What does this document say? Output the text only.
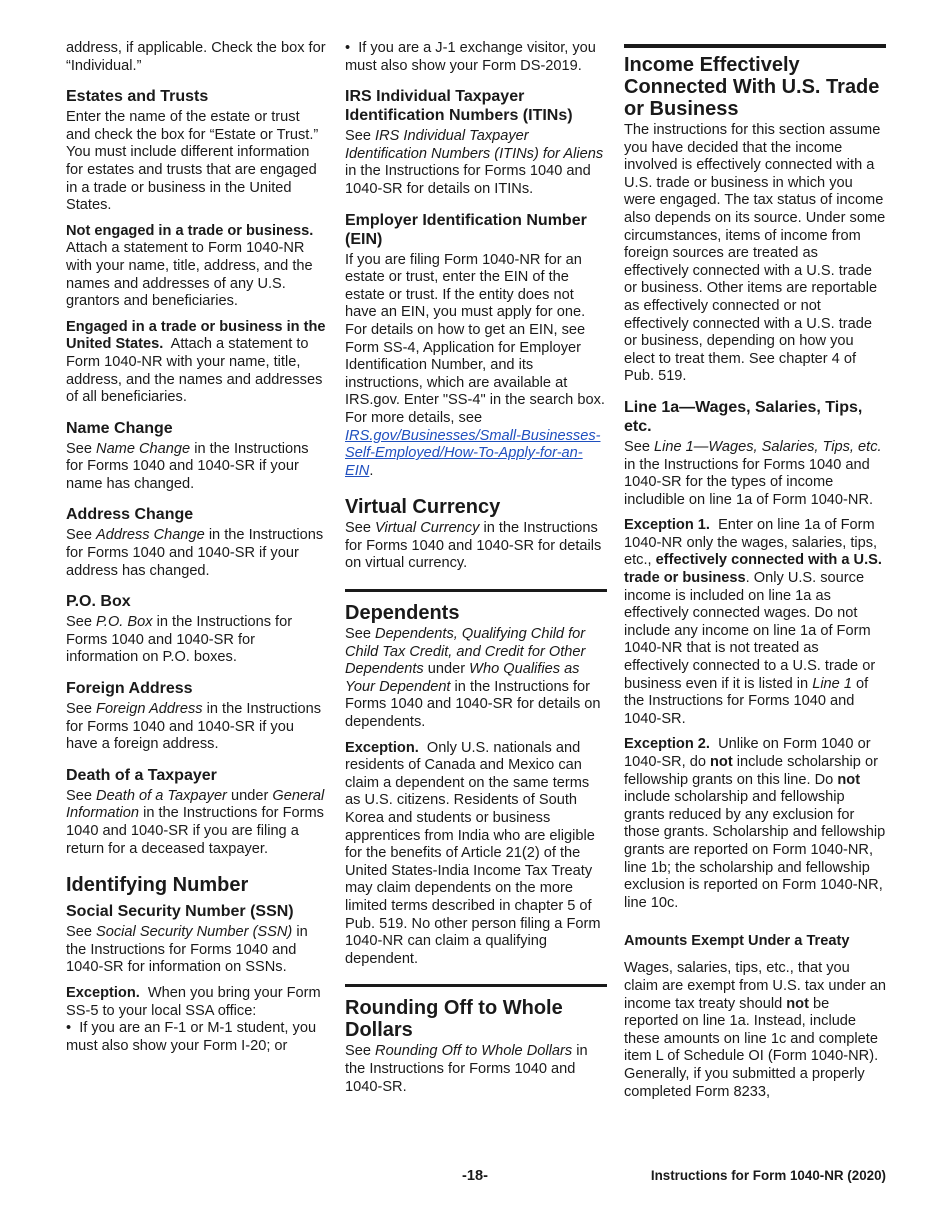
address, if applicable. Check the box for “Individual.”

Estates and Trusts

Enter the name of the estate or trust and check the box for “Estate or Trust.” You must include different information for estates and trusts that are engaged in a trade or business in the United States.

Not engaged in a trade or business.  Attach a statement to Form 1040-NR with your name, title, address, and the names and addresses of any U.S. grantors and beneficiaries.

Engaged in a trade or business in the United States. Attach a statement to Form 1040-NR with your name, title, address, and the names and addresses of all beneficiaries.

Name Change

See Name Change in the Instructions for Forms 1040 and 1040-SR if your name has changed.

Address Change

See Address Change in the Instructions for Forms 1040 and 1040-SR if your address has changed.

P.O. Box

See P.O. Box in the Instructions for Forms 1040 and 1040-SR for information on P.O. boxes.

Foreign Address

See Foreign Address in the Instructions for Forms 1040 and 1040-SR if you have a foreign address.

Death of a Taxpayer

See Death of a Taxpayer under General Information in the Instructions for Forms 1040 and 1040-SR if you are filing a return for a deceased taxpayer.

Identifying Number
Social Security Number (SSN)

See Social Security Number (SSN) in the Instructions for Forms 1040 and 1040-SR for information on SSNs.

Exception. When you bring your Form SS-5 to your local SSA office:

•  If you are an F-1 or M-1 student, you must also show your Form I-20; or

•  If you are a J-1 exchange visitor, you must also show your Form DS-2019.

IRS Individual Taxpayer Identification Numbers (ITINs)

See IRS Individual Taxpayer Identification Numbers (ITINs) for Aliens in the Instructions for Forms 1040 and 1040-SR for details on ITINs.

Employer Identification Number (EIN)

If you are filing Form 1040-NR for an estate or trust, enter the EIN of the estate or trust. If the entity does not have an EIN, you must apply for one. For details on how to get an EIN, see Form SS-4, Application for Employer Identification Number, and its instructions, which are available at IRS.gov. Enter "SS-4" in the search box. For more details, see IRS.gov/Businesses/Small-Businesses-Self-Employed/How-To-Apply-for-an-EIN.

Virtual Currency

See Virtual Currency in the Instructions for Forms 1040 and 1040-SR for details on virtual currency.

Dependents

See Dependents, Qualifying Child for Child Tax Credit, and Credit for Other Dependents under Who Qualifies as Your Dependent in the Instructions for Forms 1040 and 1040-SR for details on dependents.

Exception. Only U.S. nationals and residents of Canada and Mexico can claim a dependent on the same terms as U.S. citizens. Residents of South Korea and students or business apprentices from India who are eligible for the benefits of Article 21(2) of the United States-India Income Tax Treaty may claim dependents on the more limited terms described in chapter 5 of Pub. 519. No other person filing a Form 1040-NR can claim a qualifying dependent.

Rounding Off to Whole Dollars

See Rounding Off to Whole Dollars in the Instructions for Forms 1040 and 1040-SR.

Income Effectively Connected With U.S. Trade or Business

The instructions for this section assume you have decided that the income involved is effectively connected with a U.S. trade or business in which you were engaged. The tax status of income also depends on its source. Under some circumstances, items of income from foreign sources are treated as effectively connected with a U.S. trade or business. Other items are reportable as effectively connected or not effectively connected with a U.S. trade or business, depending on how you elect to treat them. See chapter 4 of Pub. 519.

Line 1a—Wages, Salaries, Tips, etc.

See Line 1—Wages, Salaries, Tips, etc. in the Instructions for Forms 1040 and 1040-SR for the types of income includible on line 1a of Form 1040-NR.

Exception 1. Enter on line 1a of Form 1040-NR only the wages, salaries, tips, etc., effectively connected with a U.S. trade or business. Only U.S. source income is included on line 1a as effectively connected wages. Do not include any income on line 1a of Form 1040-NR that is not treated as effectively connected to a U.S. trade or business even if it is listed in Line 1 of the Instructions for Forms 1040 and 1040-SR.

Exception 2. Unlike on Form 1040 or 1040-SR, do not include scholarship or fellowship grants on this line. Do not include scholarship and fellowship grants reduced by any exclusion for those grants. Scholarship and fellowship grants are reported on Form 1040-NR, line 1b; the scholarship and fellowship exclusion is reported on Form 1040-NR, line 10c.

Amounts Exempt Under a Treaty

Wages, salaries, tips, etc., that you claim are exempt from U.S. tax under an income tax treaty should not be reported on line 1a. Instead, include these amounts on line 1c and complete item L of Schedule OI (Form 1040-NR). Generally, if you submitted a properly completed Form 8233,

-18-	Instructions for Form 1040-NR (2020)
